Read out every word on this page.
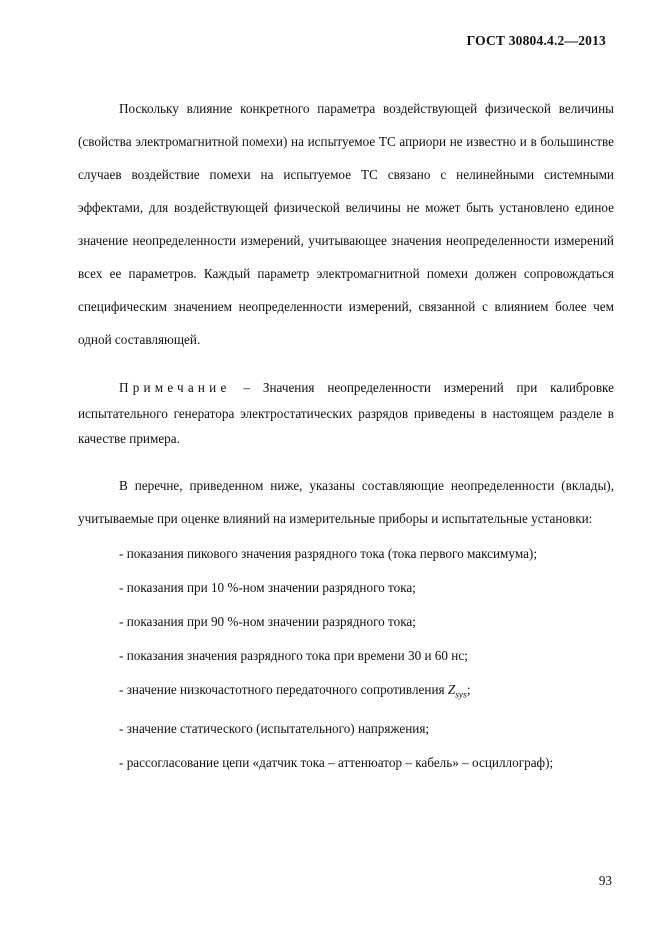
ГОСТ 30804.4.2—2013

Поскольку влияние конкретного параметра воздействующей физической величины (свойства электромагнитной помехи) на испытуемое ТС априори не известно и в большинстве случаев воздействие помехи на испытуемое ТС связано с нелинейными системными эффектами, для воздействующей физической величины не может быть установлено единое значение неопределенности измерений, учитывающее значения неопределенности измерений всех ее параметров. Каждый параметр электромагнитной помехи должен сопровождаться специфическим значением неопределенности измерений, связанной с влиянием более чем одной составляющей.

Примечание – Значения неопределенности измерений при калибровке испытательного генератора электростатических разрядов приведены в настоящем разделе в качестве примера.

В перечне, приведенном ниже, указаны составляющие неопределенности (вклады), учитываемые при оценке влияний на измерительные приборы и испытательные установки:

- показания пикового значения разрядного тока (тока первого максимума);
- показания при 10 %-ном значении разрядного тока;
- показания при 90 %-ном значении разрядного тока;
- показания значения разрядного тока при времени 30 и 60 нс;
- значение низкочастотного передаточного сопротивления $Z_{sys}$;
- значение статического (испытательного) напряжения;
- рассогласование цепи «датчик тока – аттенюатор – кабель» – осциллограф);
93
